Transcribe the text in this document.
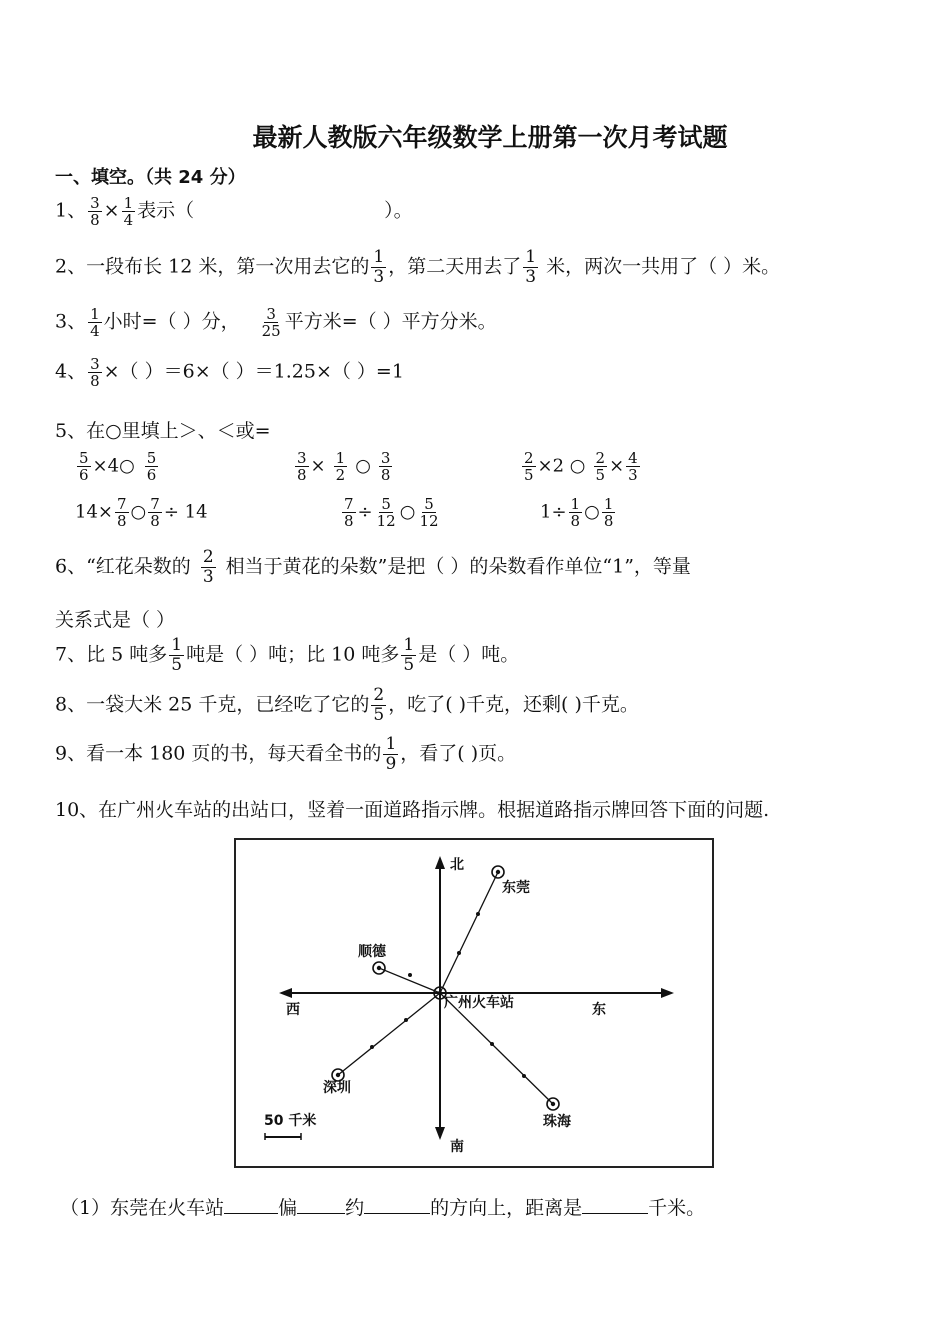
最新人教版六年级数学上册第一次月考试题
一、填空。（共 24 分）
1、 $\frac{3}{8} \times \frac{1}{4}$ 表示（	）。
2、一段布长 12 米，第一次用去它的 $\frac{1}{3}$ ，第二天用去了 $\frac{1}{3}$ 米，两次一共用了（ ）米。
3、 $\frac{1}{4}$ 小时=（ ）分， $\frac{3}{25}$ 平方米=（ ）平方分米。
4、 $\frac{3}{8}$ ×（ ）＝6×（ ）＝1.25×（ ）=1
5、在○里填上＞、＜或=
$\frac{5}{6}$ ×4○ $\frac{5}{6}$	$\frac{3}{8} \times \frac{1}{2}$ ○ $\frac{3}{8}$	$\frac{2}{5} \times 2$ ○ $\frac{2}{5} \times \frac{4}{3}$
$14\times \frac{7}{8}$ ○ $\frac{7}{8} \div 14$	$\frac{7}{8} \div \frac{5}{12}$ ○ $\frac{5}{12}$	$1\div \frac{1}{8}$ ○ $\frac{1}{8}$
6、“红花朵数的 $\frac{2}{3}$ 相当于黄花的朵数”是把（ ）的朵数看作单位“1”，等量
关系式是（ ）
7、比 5 吨多 $\frac{1}{5}$ 吨是（ ）吨；比 10 吨多 $\frac{1}{5}$ 是（ ）吨。
8、一袋大米 25 千克，已经吃了它的 $\frac{2}{5}$ ，吃了( )千克，还剩( )千克。
9、看一本 180 页的书，每天看全书的 $\frac{1}{9}$ ，看了( )页。
10、在广州火车站的出站口，竖着一面道路指示牌。根据道路指示牌回答下面的问题.
北
南
东
西
东莞
顺德
广州火车站
深圳
珠海
50 千米
（1）东莞在火车站	偏	约	的方向上，距离是	千米。
